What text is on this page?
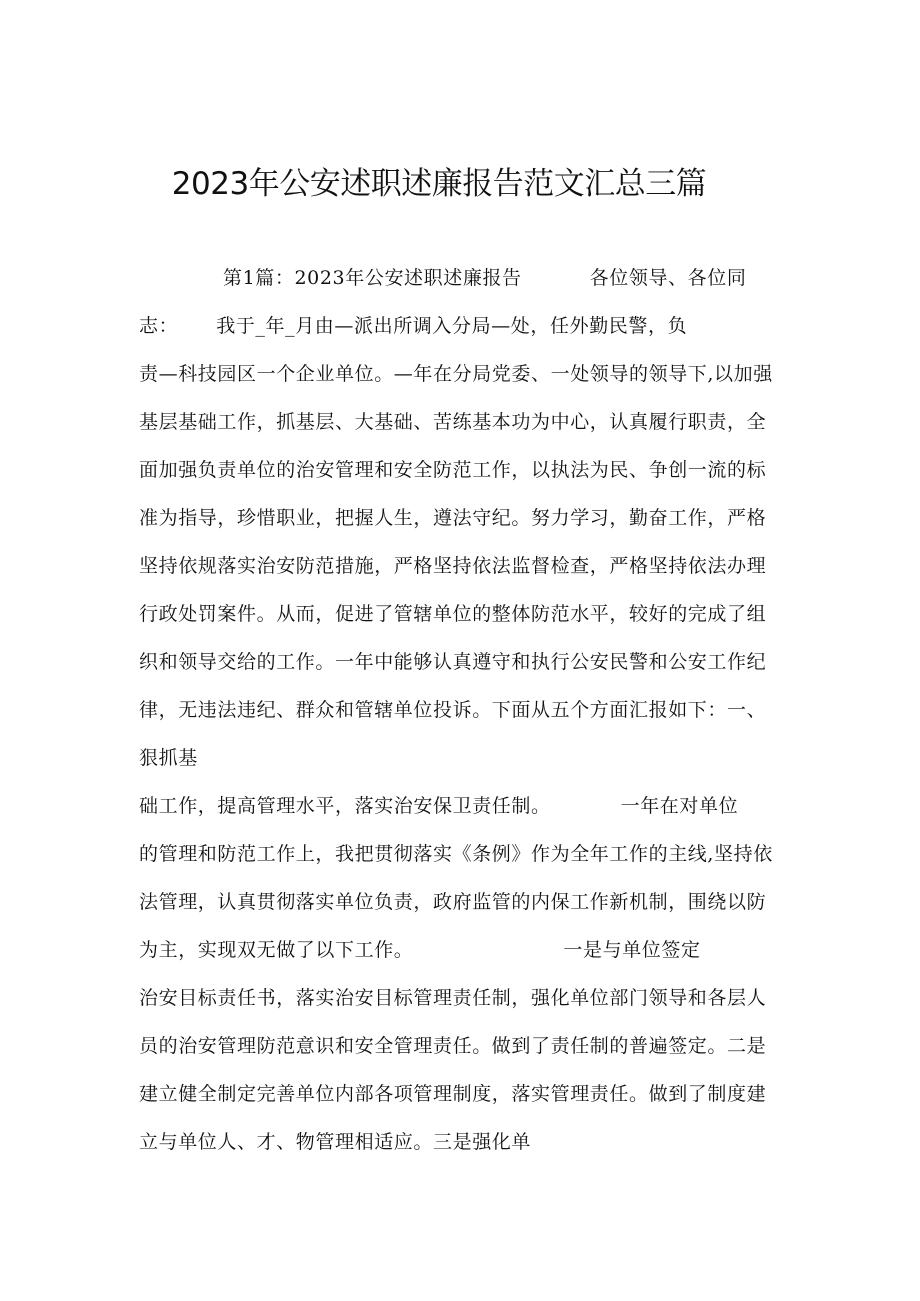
2023年公安述职述廉报告范文汇总三篇
第1篇：2023年公安述职述廉报告	各位领导、各位同
志： 我于_年_月由—派出所调入分局—处，任外勤民警，负
责—科技园区一个企业单位。—年在分局党委、一处领导的领导下,以加强
基层基础工作，抓基层、大基础、苦练基本功为中心，认真履行职责，全
面加强负责单位的治安管理和安全防范工作，以执法为民、争创一流的标
准为指导，珍惜职业，把握人生，遵法守纪。努力学习，勤奋工作，严格
坚持依规落实治安防范措施，严格坚持依法监督检查，严格坚持依法办理
行政处罚案件。从而，促进了管辖单位的整体防范水平，较好的完成了组
织和领导交给的工作。一年中能够认真遵守和执行公安民警和公安工作纪
律，无违法违纪、群众和管辖单位投诉。下面从五个方面汇报如下：一、
狠抓基
础工作，提高管理水平，落实治安保卫责任制。	一年在对单位
的管理和防范工作上，我把贯彻落实《条例》作为全年工作的主线,坚持依
法管理，认真贯彻落实单位负责，政府监管的内保工作新机制，围绕以防
为主，实现双无做了以下工作。	一是与单位签定
治安目标责任书，落实治安目标管理责任制，强化单位部门领导和各层人
员的治安管理防范意识和安全管理责任。做到了责任制的普遍签定。二是
建立健全制定完善单位内部各项管理制度，落实管理责任。做到了制度建
立与单位人、才、物管理相适应。三是强化单
